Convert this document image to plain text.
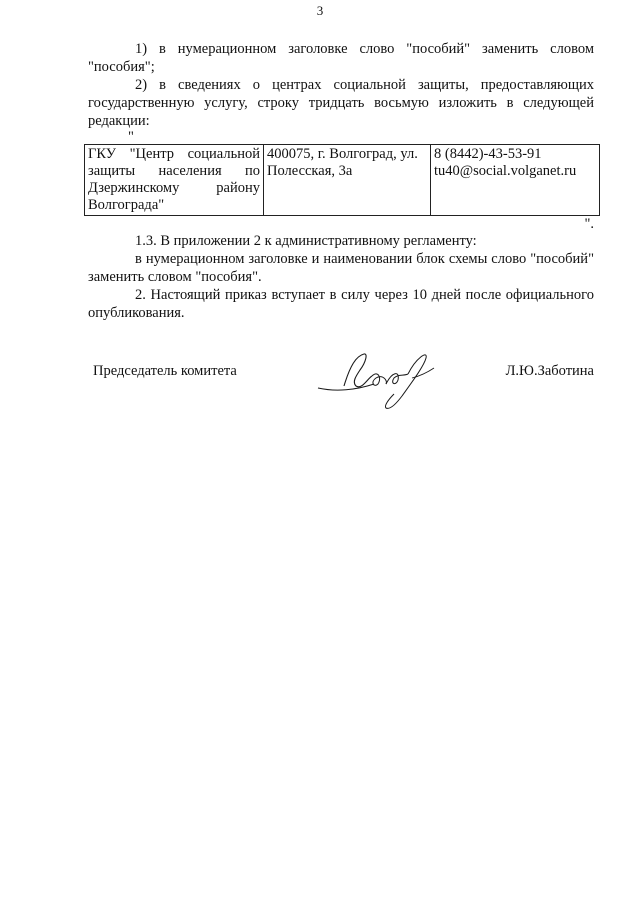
3

1) в нумерационном заголовке слово "пособий" заменить словом "пособия";

2) в сведениях о центрах социальной защиты, предоставляющих государственную услугу, строку тридцать восьмую изложить в следующей редакции:

"

ГКУ "Центр социальной защиты населения по Дзержинскому району Волгограда"	400075, г. Волгоград, ул. Полесская, 3а	8 (8442)-43-53-91 tu40@social.volganet.ru

".

1.3. В приложении 2 к административному регламенту:

в нумерационном заголовке и наименовании блок схемы слово "пособий" заменить словом "пособия".

2. Настоящий приказ вступает в силу через 10 дней после официального опубликования.

Председатель комитета	Л.Ю.Заботина
